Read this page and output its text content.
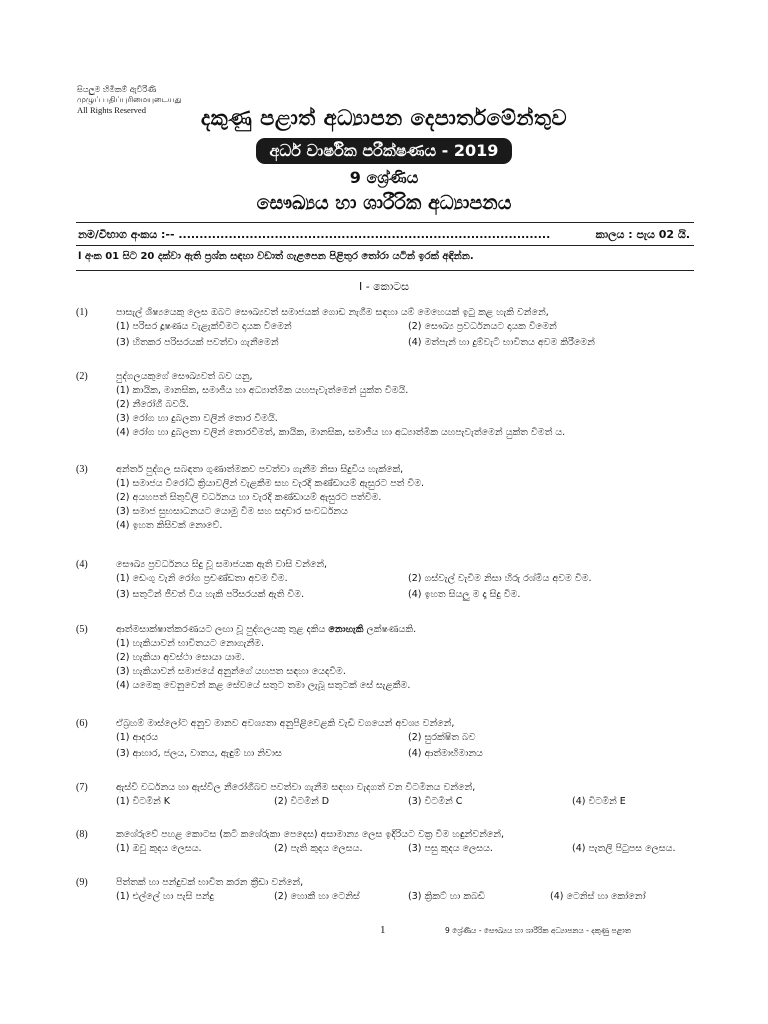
සියලුම හිමිකම් ඇවිරිණි
முழுப் பதிப்புரிமையுடையது
All Rights Reserved	දකුණු පළාත් අධ්‍යාපන දෙපාර්තමේන්තුව
අර්ධ වාර්ෂික පරීක්ෂණය - 2019
9 ශ්‍රේණිය
සෞඛ්‍යය හා ශාරීරික අධ්‍යාපනය
නම/විභාග අංකය :-- .........................................................................................	කාලය : පැය 02 යි.
l අංක 01 සිට 20 දක්වා ඇති ප්‍රශ්න සඳහා වඩාත් ගැළපෙන පිළිතුර තෝරා යටින් ඉරක් අඳින්න.
I - කොටස
(1)	පාසැල් ශිෂ්‍යයෙකු ලෙස ඔබට සෞඛ්‍යවත් සමාජයක් ගොඩ නැගීම සඳහා යම් මෙහෙයක් ඉටු කළ හැකි වන්නේ,
(1) පරිසර දූෂණය වැළැක්වීමට දායක වීමෙන්	(2) සෞඛ්‍ය ප්‍රවර්ධනයට දායක වීමෙන්
(3) හිතකර පරිසරයක් පවත්වා ගැනීමෙන්	(4) මත්පැන් හා දුම්වැටි භාවිතය අවම කිරීමෙන්
(2)	පුද්ගලයකුගේ සෞඛ්‍යවත් බව යනු,
(1) කායික, මානසික, සමාජීය හා අධ්‍යාත්මික යහපැවැත්මෙන් යුක්ත වීමයි.
(2) නීරෝගී බවයි.
(3) රෝග හා දුබලතා වලින් තොර වීමයි.
(4) රෝග හා දුබලතා වලින් තොරවීමත්, කායික, මානසික, සමාජීය හා අධ්‍යාත්මික යහපැවැත්මෙන් යුක්ත වීමත් ය.
(3)	අන්තර් පුද්ගල සබඳතා ගුණාත්මකව පවත්වා ගැනීම නිසා සිදුවිය හැක්කේ,
(1) සමාජය විරෝධී ක්‍රියාවලින් වැළකීම සහ වැරදි කණ්ඩායම් ඇසුරට පත් වීම.
(2) අයහපත් සිතුවිලි වර්ධනය හා වැරදි කණ්ඩායම් ඇසුරට පත්වීම.
(3) සමාජ සුභසාධනයට යොමු වීම සහ සදාචාර සංවර්ධනය
(4) ඉහත කිසිවක් නොවේ.
(4)	සෞඛ්‍ය ප්‍රවර්ධනය සිදු වූ සමාජයක ඇති වාසි වන්නේ,
(1) ඩෙංගු වැනි රෝග ප්‍රචණ්ඩතා අවම වීම.	(2) ගස්වැල් වැවීම නිසා හිරු රශ්මිය අවම වීම.
(3) සතුටින් ජීවත් විය හැකි පරිසරයක් ඇති වීම.	(4) ඉහත සියලු ම දෑ සිදු වීම.
(5)	ආත්මසාක්ෂාත්කරණයට ලඟා වූ පුද්ගලයකු තුළ දකිය නොහැකි ලක්ෂණයකි.
(1) හැකියාවන් භාවිතයට නොගැනීම.
(2) හැකියා අවස්ථා සොයා යාම.
(3) හැකියාවන් සමාජයේ අනුන්ගේ යහපත සඳහා යෙදවීම.
(4) යමෙකු වෙනුවෙන් කළ සේවයේ සතුට තමා ලැබූ සතුටක් සේ සැළකීම.
(6)	ඒබ්‍රහම් මාස්ලෝට අනුව මානව අවශ්‍යතා අනුපිළිවෙළකි වැඩි වගයෙන් අවශ්‍ය වන්නේ,
(1) ආදරය	(2) සුරක්ෂිත බව
(3) ආහාර, ජලය, වාතය, ඇඳුම් හා නිවාස	(4) ආත්මාභිමානය
(7)	ඇස්වී වර්ධනය හා ඇස්වීල නීරෝගීබව පවත්වා ගැනීම සඳහා වැදගත් වන විටමිනය වන්නේ,
(1) විටමින් K	(2) විටමින් D	(3) විටමින් C	(4) විටමින් E
(8)	කශේරුවේ පහළ කොටස (කටි කශේරුකා පෙදෙස) අසාමාන්‍ය ලෙස ඉදිරියට වක්‍ර වීම හඳුන්වන්නේ,
(1) ඔවු කුදය ලෙසය.	(2) පැති කුදය ලෙසය.	(3) පසු කුදය ලෙසය.	(4) පැතලි පිටුපස ලෙසය.
(9)	පිත්තක් හා පන්දුවක් භාවිත කරන ක්‍රීඩා වන්නේ,
(1) එල්ලේ හා පැසි පන්දු	(2) හොකී හා ටෙනිස්	(3) ක්‍රිකට් හා කබඩි	(4) ටෙනිස් හා කෝනෝ
1	9 ශ්‍රේණිය - සෞඛ්‍යය හා ශාරීරික අධ්‍යාපනය - දකුණු පළාත
